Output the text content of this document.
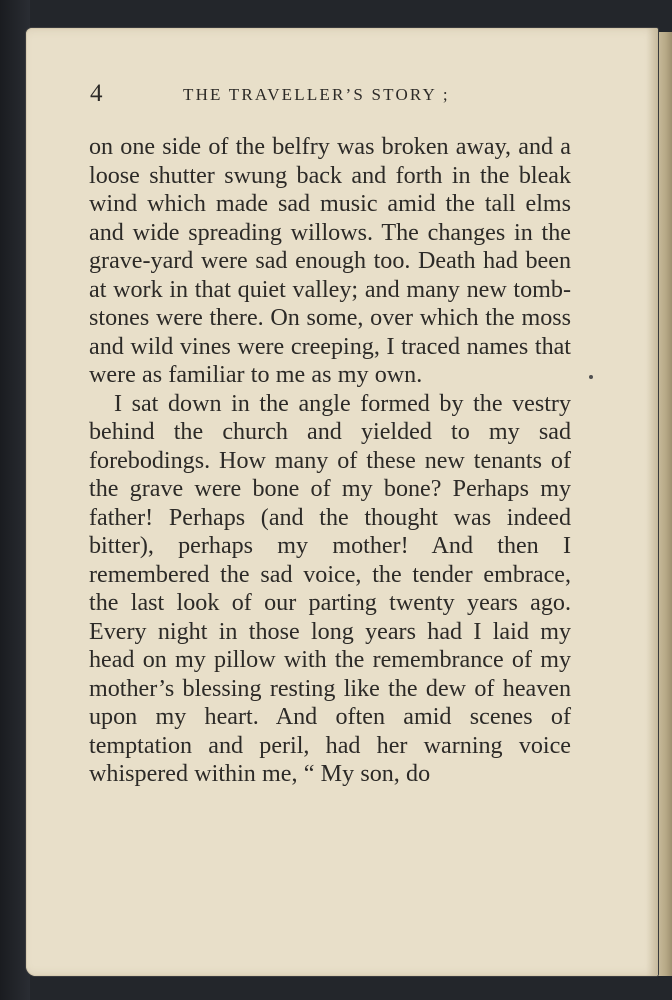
4	THE TRAVELLER’S STORY ;

on one side of the belfry was broken away, and a loose shutter swung back and forth in the bleak wind which made sad music amid the tall elms and wide spreading willows. The changes in the grave-yard were sad enough too. Death had been at work in that quiet valley; and many new tomb-stones were there. On some, over which the moss and wild vines were creeping, I traced names that were as familiar to me as my own.

I sat down in the angle formed by the vestry behind the church and yielded to my sad forebodings. How many of these new tenants of the grave were bone of my bone? Perhaps my father! Perhaps (and the thought was indeed bitter), perhaps my mother! And then I remembered the sad voice, the tender embrace, the last look of our parting twenty years ago. Every night in those long years had I laid my head on my pillow with the remembrance of my mother’s blessing resting like the dew of heaven upon my heart. And often amid scenes of temptation and peril, had her warning voice whispered within me, “ My son, do
